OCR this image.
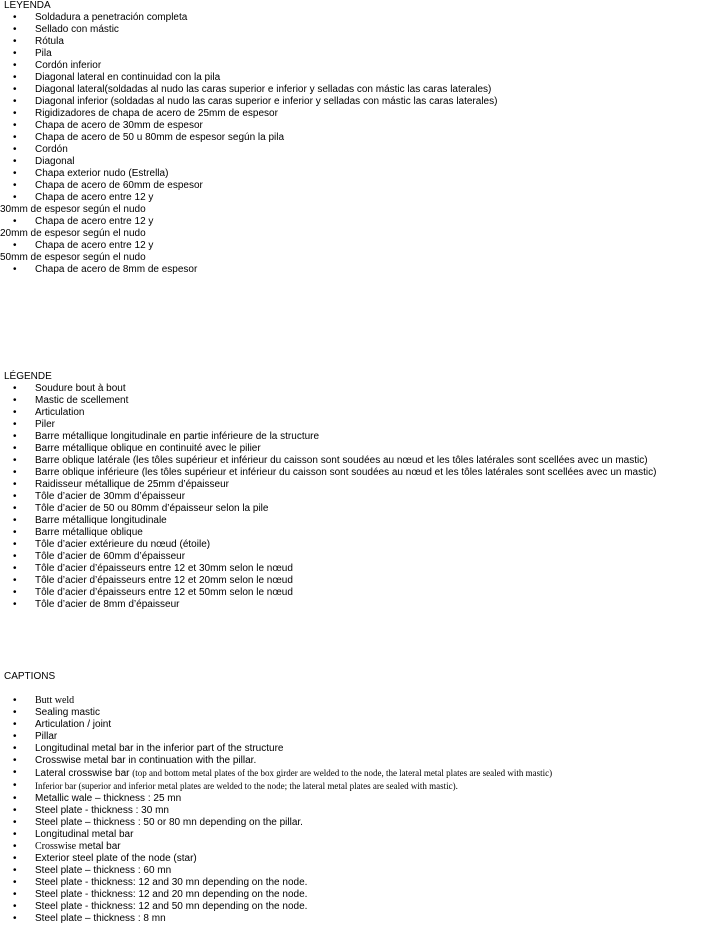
LEYENDA

• Soldadura a penetración completa
• Sellado con mástic
• Rótula
• Pila
• Cordón inferior
• Diagonal lateral en continuidad con la pila
• Diagonal lateral(soldadas al nudo las caras superior e inferior y selladas con mástic las caras laterales)
• Diagonal inferior (soldadas al nudo las caras superior e inferior y selladas con mástic las caras laterales)
• Rigidizadores de chapa de acero de 25mm de espesor
• Chapa de acero de 30mm de espesor
• Chapa de acero de 50 u 80mm de espesor según la pila
• Cordón
• Diagonal
• Chapa exterior nudo (Estrella)
• Chapa de acero de 60mm de espesor
• Chapa de acero entre 12 y
30mm de espesor según el nudo
• Chapa de acero entre 12 y
20mm de espesor según el nudo
• Chapa de acero entre 12 y
50mm de espesor según el nudo
• Chapa de acero de 8mm de espesor

LÉGENDE

• Soudure bout à bout
• Mastic de scellement
• Articulation
• Piler
• Barre métallique longitudinale en partie inférieure de la structure
• Barre métallique oblique en continuité avec le pilier
• Barre oblique latérale (les tôles supérieur et inférieur du caisson sont soudées au nœud et les tôles latérales sont scellées avec un mastic)
• Barre oblique inférieure (les tôles supérieur et inférieur du caisson sont soudées au nœud et les tôles latérales sont scellées avec un mastic)
• Raidisseur métallique de 25mm d’épaisseur
• Tôle d’acier de 30mm d’épaisseur
• Tôle d’acier de 50 ou 80mm d’épaisseur selon la pile
• Barre métallique longitudinale
• Barre métallique oblique
• Tôle d’acier extérieure du nœud (étoile)
• Tôle d’acier de 60mm d’épaisseur
• Tôle d’acier d’épaisseurs entre 12 et 30mm selon le nœud
• Tôle d’acier d’épaisseurs entre 12 et 20mm selon le nœud
• Tôle d’acier d’épaisseurs entre 12 et 50mm selon le nœud
• Tôle d’acier de 8mm d’épaisseur

CAPTIONS

• Butt weld
• Sealing mastic
• Articulation / joint
• Pillar
• Longitudinal metal bar in the inferior part of the structure
• Crosswise metal bar in continuation with the pillar.
• Lateral crosswise bar (top and bottom metal plates of the box girder are welded to the node, the lateral metal plates are sealed with mastic)
• Inferior bar (superior and inferior metal plates are welded to the node; the lateral metal plates are sealed with mastic).
• Metallic wale – thickness : 25 mn
• Steel plate - thickness : 30 mn
• Steel plate – thickness : 50 or 80 mn depending on the pillar.
• Longitudinal metal bar
• Crosswise metal bar
• Exterior steel plate of the node (star)
• Steel plate – thickness : 60 mn
• Steel plate - thickness: 12 and 30 mn depending on the node.
• Steel plate - thickness: 12 and 20 mn depending on the node.
• Steel plate - thickness: 12 and 50 mn depending on the node.
• Steel plate – thickness : 8 mn
